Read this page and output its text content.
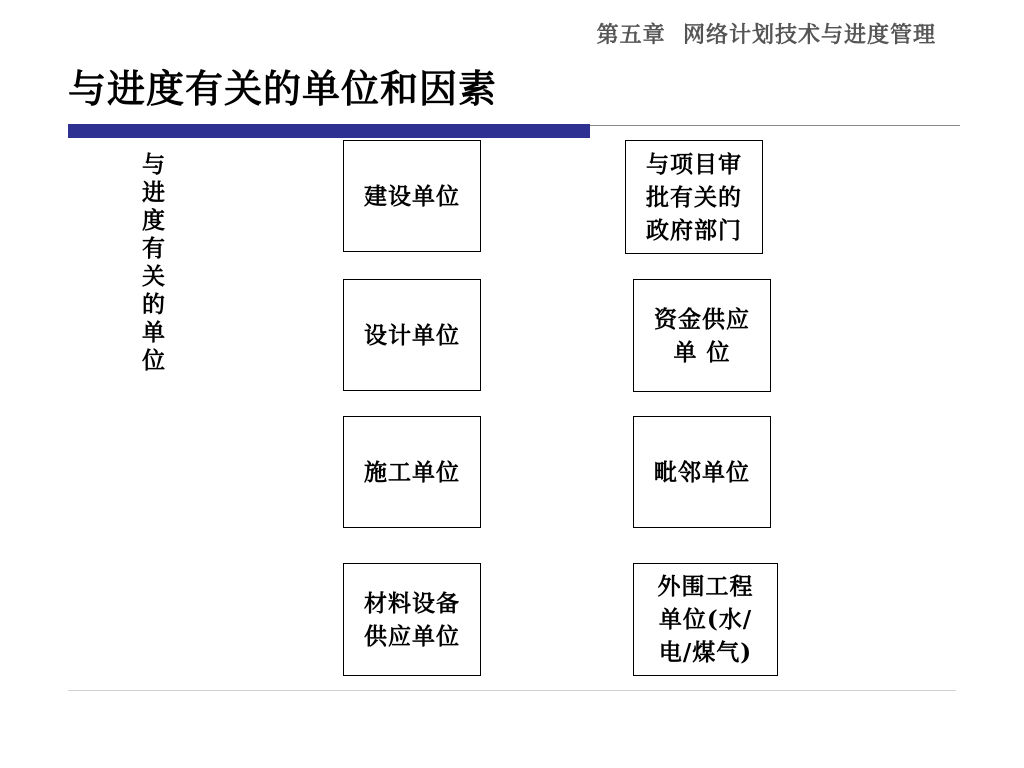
第五章  网络计划技术与进度管理
与进度有关的单位和因素
与进度有关的单位	建设单位
设计单位
施工单位
材料设备
供应单位
与项目审
批有关的
政府部门
资金供应
单 位
毗邻单位
外围工程
单位(水/
电/煤气)
